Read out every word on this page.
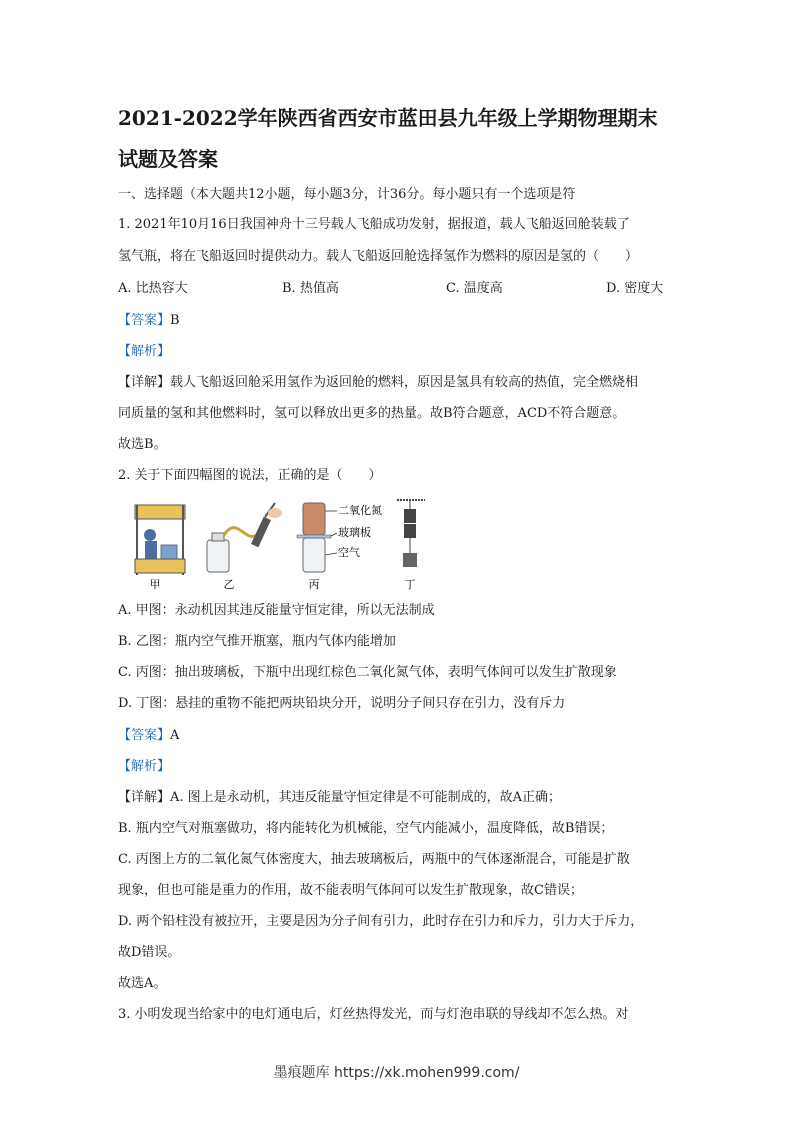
2021-2022学年陕西省西安市蓝田县九年级上学期物理期末
试题及答案
一、选择题（本大题共12小题，每小题3分，计36分。每小题只有一个选项是符
1. 2021年10月16日我国神舟十三号载人飞船成功发射，据报道，载人飞船返回舱装载了
氢气瓶，将在飞船返回时提供动力。载人飞船返回舱选择氢作为燃料的原因是氢的（　　）
A. 比热容大	B. 热值高	C. 温度高	D. 密度大
【答案】B
【解析】
【详解】载人飞船返回舱采用氢作为返回舱的燃料，原因是氢具有较高的热值，完全燃烧相
同质量的氢和其他燃料时，氢可以释放出更多的热量。故B符合题意，ACD不符合题意。
故选B。
2. 关于下面四幅图的说法，正确的是（　　）
甲	乙
二氧化氮
玻璃板
空气
丙	丁
A. 甲图：永动机因其违反能量守恒定律，所以无法制成
B. 乙图：瓶内空气推开瓶塞，瓶内气体内能增加
C. 丙图：抽出玻璃板，下瓶中出现红棕色二氧化氮气体，表明气体间可以发生扩散现象
D. 丁图：悬挂的重物不能把两块铅块分开，说明分子间只存在引力，没有斥力
【答案】A
【解析】
【详解】A. 图上是永动机，其违反能量守恒定律是不可能制成的，故A正确；
B. 瓶内空气对瓶塞做功，将内能转化为机械能，空气内能减小，温度降低，故B错误；
C. 丙图上方的二氧化氮气体密度大，抽去玻璃板后，两瓶中的气体逐渐混合，可能是扩散
现象，但也可能是重力的作用，故不能表明气体间可以发生扩散现象，故C错误；
D. 两个铅柱没有被拉开，主要是因为分子间有引力，此时存在引力和斥力，引力大于斥力，
故D错误。
故选A。
3. 小明发现当给家中的电灯通电后，灯丝热得发光，而与灯泡串联的导线却不怎么热。对
墨痕题库 https://xk.mohen999.com/
